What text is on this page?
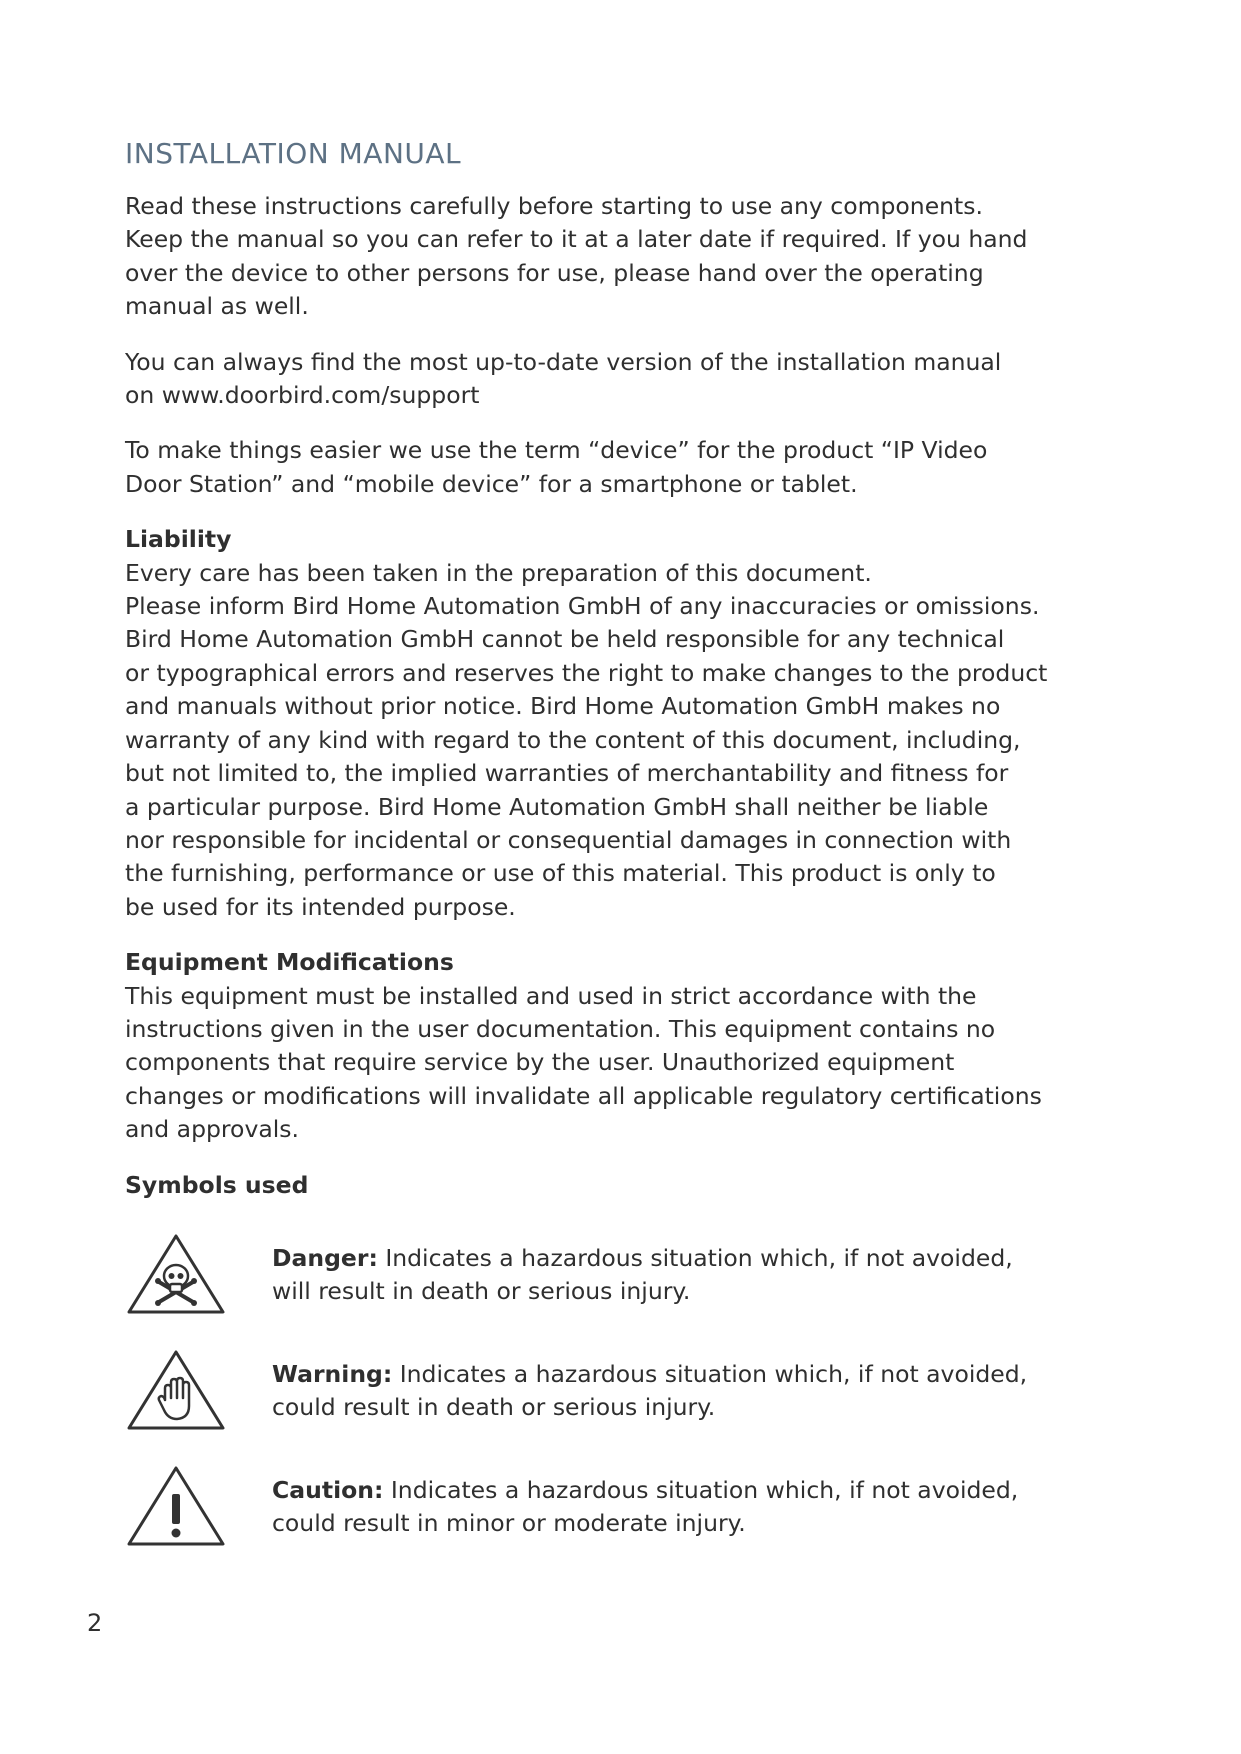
INSTALLATION MANUAL

Read these instructions carefully before starting to use any components.
Keep the manual so you can refer to it at a later date if required. If you hand
over the device to other persons for use, please hand over the operating
manual as well.

You can always find the most up-to-date version of the installation manual
on www.doorbird.com/support

To make things easier we use the term “device” for the product “IP Video
Door Station” and “mobile device” for a smartphone or tablet.

Liability

Every care has been taken in the preparation of this document.
Please inform Bird Home Automation GmbH of any inaccuracies or omissions.
Bird Home Automation GmbH cannot be held responsible for any technical
or typographical errors and reserves the right to make changes to the product
and manuals without prior notice. Bird Home Automation GmbH makes no
warranty of any kind with regard to the content of this document, including,
but not limited to, the implied warranties of merchantability and fitness for
a particular purpose. Bird Home Automation GmbH shall neither be liable
nor responsible for incidental or consequential damages in connection with
the furnishing, performance or use of this material. This product is only to
be used for its intended purpose.

Equipment Modifications

This equipment must be installed and used in strict accordance with the
instructions given in the user documentation. This equipment contains no
components that require service by the user. Unauthorized equipment
changes or modifications will invalidate all applicable regulatory certifications
and approvals.

Symbols used

Danger: Indicates a hazardous situation which, if not avoided,
will result in death or serious injury.

Warning: Indicates a hazardous situation which, if not avoided,
could result in death or serious injury.

Caution: Indicates a hazardous situation which, if not avoided,
could result in minor or moderate injury.

2
